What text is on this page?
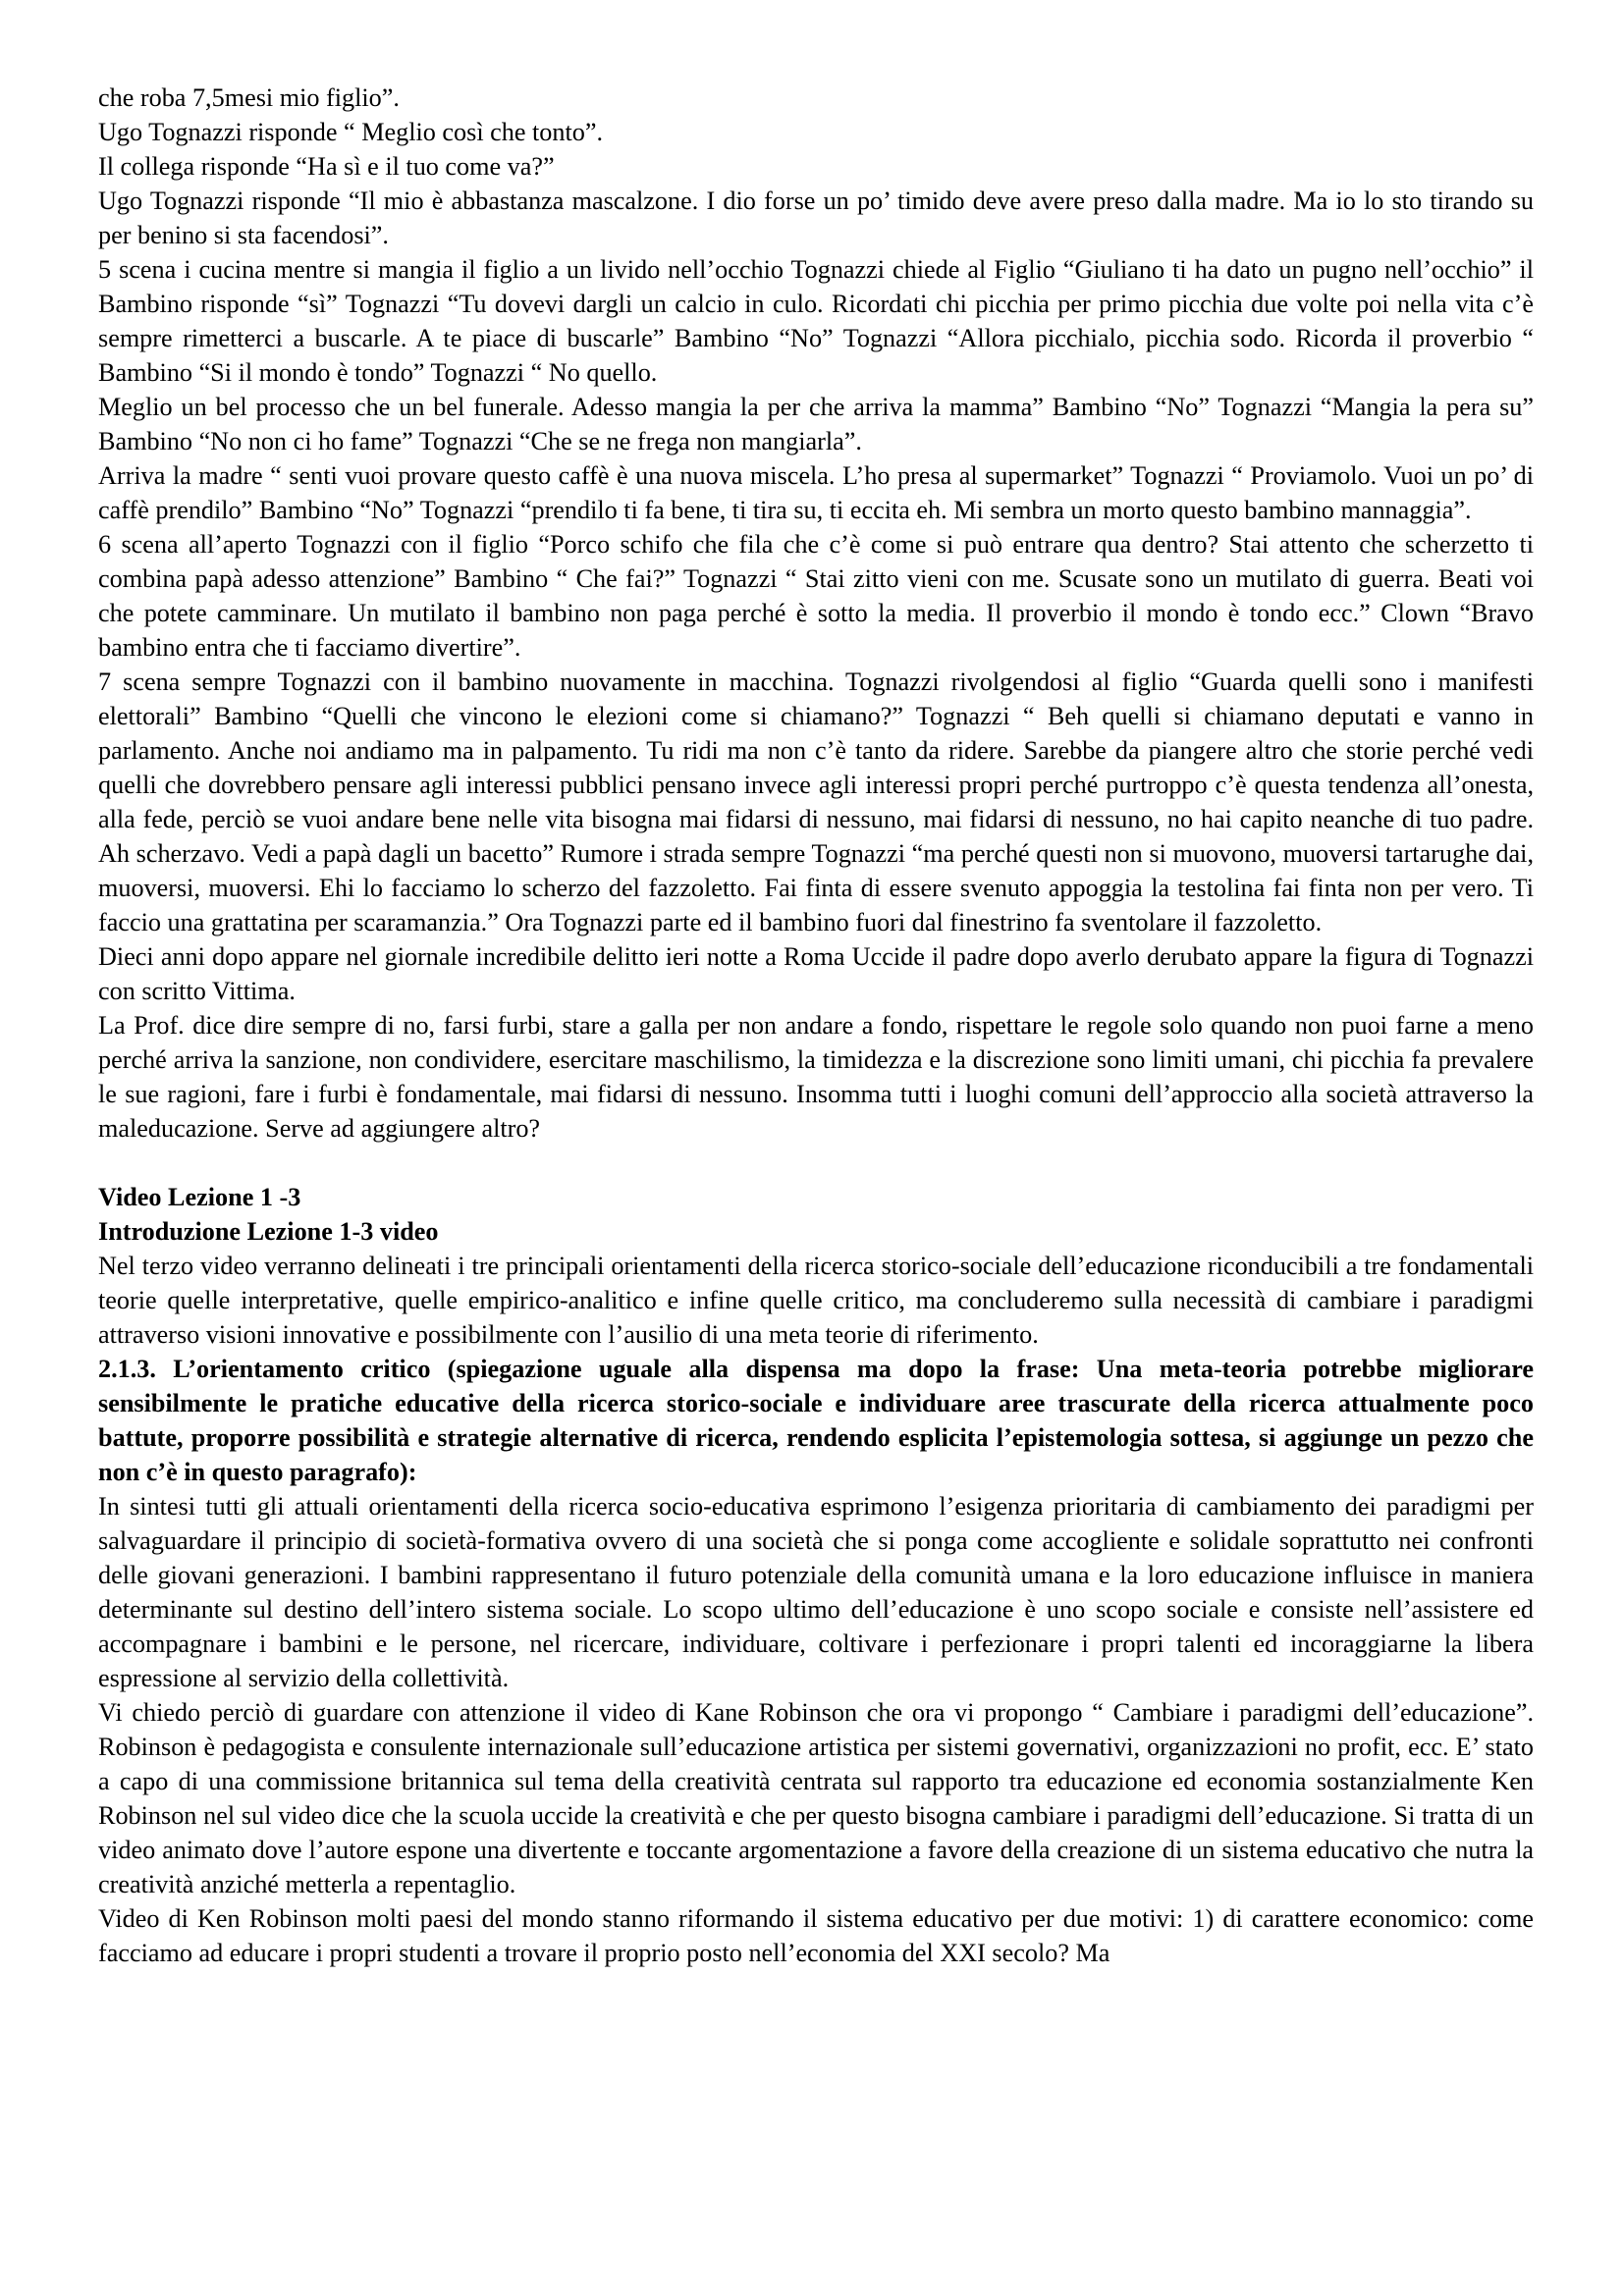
che roba 7,5mesi mio figlio”.

Ugo Tognazzi risponde “ Meglio così che tonto”.

Il collega risponde “Ha sì e il tuo come va?”

Ugo Tognazzi risponde “Il mio è abbastanza mascalzone. I dio forse un po’ timido deve avere preso dalla madre. Ma io lo sto tirando su per benino si sta facendosi”.

5 scena i cucina mentre si mangia il figlio a un livido nell’occhio Tognazzi chiede al Figlio “Giuliano ti ha dato un pugno nell’occhio” il Bambino risponde “sì” Tognazzi “Tu dovevi dargli un calcio in culo. Ricordati chi picchia per primo picchia due volte poi nella vita c’è sempre rimetterci a buscarle. A te piace di buscarle” Bambino “No” Tognazzi “Allora picchialo, picchia sodo. Ricorda il proverbio “ Bambino “Si il mondo è tondo” Tognazzi “ No quello.

Meglio un bel processo che un bel funerale. Adesso mangia la per che arriva la mamma” Bambino “No” Tognazzi “Mangia la pera su” Bambino “No non ci ho fame” Tognazzi “Che se ne frega non mangiarla”.

Arriva la madre “ senti vuoi provare questo caffè è una nuova miscela. L’ho presa al supermarket” Tognazzi “ Proviamolo. Vuoi un po’ di caffè prendilo” Bambino “No” Tognazzi “prendilo ti fa bene, ti tira su, ti eccita eh. Mi sembra un morto questo bambino mannaggia”.

6 scena all’aperto Tognazzi con il figlio “Porco schifo che fila che c’è come si può entrare qua dentro? Stai attento che scherzetto ti combina papà adesso attenzione” Bambino “ Che fai?” Tognazzi “ Stai zitto vieni con me. Scusate sono un mutilato di guerra. Beati voi che potete camminare. Un mutilato il bambino non paga perché è sotto la media. Il proverbio il mondo è tondo ecc.” Clown “Bravo bambino entra che ti facciamo divertire”.

7 scena sempre Tognazzi con il bambino nuovamente in macchina. Tognazzi rivolgendosi al figlio “Guarda quelli sono i manifesti elettorali” Bambino “Quelli che vincono le elezioni come si chiamano?” Tognazzi “ Beh quelli si chiamano deputati e vanno in parlamento. Anche noi andiamo ma in palpamento. Tu ridi ma non c’è tanto da ridere. Sarebbe da piangere altro che storie perché vedi quelli che dovrebbero pensare agli interessi pubblici pensano invece agli interessi propri perché purtroppo c’è questa tendenza all’onesta, alla fede, perciò se vuoi andare bene nelle vita bisogna mai fidarsi di nessuno, mai fidarsi di nessuno, no hai capito neanche di tuo padre. Ah scherzavo. Vedi a papà dagli un bacetto” Rumore i strada sempre Tognazzi “ma perché questi non si muovono, muoversi tartarughe dai, muoversi, muoversi. Ehi lo facciamo lo scherzo del fazzoletto. Fai finta di essere svenuto appoggia la testolina fai finta non per vero. Ti faccio una grattatina per scaramanzia.” Ora Tognazzi parte ed il bambino fuori dal finestrino fa sventolare il fazzoletto.

Dieci anni dopo appare nel giornale incredibile delitto ieri notte a Roma Uccide il padre dopo averlo derubato appare la figura di Tognazzi con scritto Vittima.

La Prof. dice dire sempre di no, farsi furbi, stare a galla per non andare a fondo, rispettare le regole solo quando non puoi farne a meno perché arriva la sanzione, non condividere, esercitare maschilismo, la timidezza e la discrezione sono limiti umani, chi picchia fa prevalere le sue ragioni, fare i furbi è fondamentale, mai fidarsi di nessuno. Insomma tutti i luoghi comuni dell’approccio alla società attraverso la maleducazione. Serve ad aggiungere altro?

Video Lezione 1 -3

Introduzione Lezione 1-3 video

Nel terzo video verranno delineati i tre principali orientamenti della ricerca storico-sociale dell’educazione riconducibili a tre fondamentali teorie quelle interpretative, quelle empirico-analitico e infine quelle critico, ma concluderemo sulla necessità di cambiare i paradigmi attraverso visioni innovative e possibilmente con l’ausilio di una meta teorie di riferimento.

2.1.3. L’orientamento critico (spiegazione uguale alla dispensa ma dopo la frase: Una meta-teoria potrebbe migliorare sensibilmente le pratiche educative della ricerca storico-sociale e individuare aree trascurate della ricerca attualmente poco battute, proporre possibilità e strategie alternative di ricerca, rendendo esplicita l’epistemologia sottesa, si aggiunge un pezzo che non c’è in questo paragrafo):

In sintesi tutti gli attuali orientamenti della ricerca socio-educativa esprimono l’esigenza prioritaria di cambiamento dei paradigmi per salvaguardare il principio di società-formativa ovvero di una società che si ponga come accogliente e solidale soprattutto nei confronti delle giovani generazioni. I bambini rappresentano il futuro potenziale della comunità umana e la loro educazione influisce in maniera determinante sul destino dell’intero sistema sociale. Lo scopo ultimo dell’educazione è uno scopo sociale e consiste nell’assistere ed accompagnare i bambini e le persone, nel ricercare, individuare, coltivare i perfezionare i propri talenti ed incoraggiarne la libera espressione al servizio della collettività.

Vi chiedo perciò di guardare con attenzione il video di Kane Robinson che ora vi propongo “ Cambiare i paradigmi dell’educazione”. Robinson è pedagogista e consulente internazionale sull’educazione artistica per sistemi governativi, organizzazioni no profit, ecc. E’ stato a capo di una commissione britannica sul tema della creatività centrata sul rapporto tra educazione ed economia sostanzialmente Ken Robinson nel sul video dice che la scuola uccide la creatività e che per questo bisogna cambiare i paradigmi dell’educazione. Si tratta di un video animato dove l’autore espone una divertente e toccante argomentazione a favore della creazione di un sistema educativo che nutra la creatività anziché metterla a repentaglio.

Video di Ken Robinson molti paesi del mondo stanno riformando il sistema educativo per due motivi: 1) di carattere economico: come facciamo ad educare i propri studenti a trovare il proprio posto nell’economia del XXI secolo? Ma
